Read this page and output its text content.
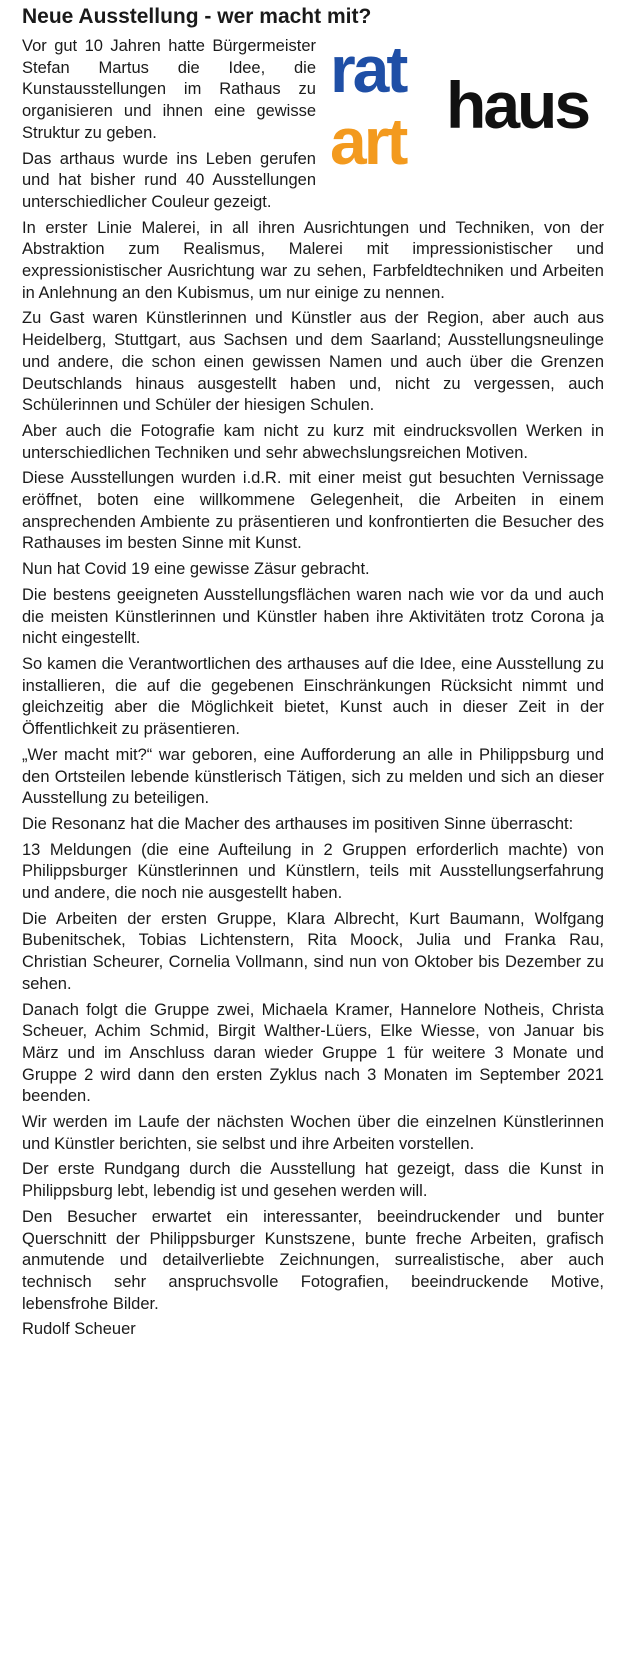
Neue Ausstellung - wer macht mit?
rat haus
art

Vor gut 10 Jahren hatte Bürgermeister Stefan Martus die Idee, die Kunstausstellungen im Rathaus zu organisieren und ihnen eine gewisse Struktur zu geben.

Das arthaus wurde ins Leben gerufen und hat bisher rund 40 Ausstellungen unterschiedlicher Couleur gezeigt.

In erster Linie Malerei, in all ihren Ausrichtungen und Techniken, von der Abstraktion zum Realismus, Malerei mit impressionistischer und expressionistischer Ausrichtung war zu sehen, Farbfeldtechniken und Arbeiten in Anlehnung an den Kubismus, um nur einige zu nennen.

Zu Gast waren Künstlerinnen und Künstler aus der Region, aber auch aus Heidelberg, Stuttgart, aus Sachsen und dem Saarland; Ausstellungsneulinge und andere, die schon einen gewissen Namen und auch über die Grenzen Deutschlands hinaus ausgestellt haben und, nicht zu vergessen, auch Schülerinnen und Schüler der hiesigen Schulen.

Aber auch die Fotografie kam nicht zu kurz mit eindrucksvollen Werken in unterschiedlichen Techniken und sehr abwechslungsreichen Motiven.

Diese Ausstellungen wurden i.d.R. mit einer meist gut besuchten Vernissage eröffnet, boten eine willkommene Gelegenheit, die Arbeiten in einem ansprechenden Ambiente zu präsentieren und konfrontierten die Besucher des Rathauses im besten Sinne mit Kunst.

Nun hat Covid 19 eine gewisse Zäsur gebracht.

Die bestens geeigneten Ausstellungsflächen waren nach wie vor da und auch die meisten Künstlerinnen und Künstler haben ihre Aktivitäten trotz Corona ja nicht eingestellt.

So kamen die Verantwortlichen des arthauses auf die Idee, eine Ausstellung zu installieren, die auf die gegebenen Einschränkungen Rücksicht nimmt und gleichzeitig aber die Möglichkeit bietet, Kunst auch in dieser Zeit in der Öffentlichkeit zu präsentieren.

„Wer macht mit?“ war geboren, eine Aufforderung an alle in Philippsburg und den Ortsteilen lebende künstlerisch Tätigen, sich zu melden und sich an dieser Ausstellung zu beteiligen.

Die Resonanz hat die Macher des arthauses im positiven Sinne überrascht:

13 Meldungen (die eine Aufteilung in 2 Gruppen erforderlich machte) von Philippsburger Künstlerinnen und Künstlern, teils mit Ausstellungserfahrung und andere, die noch nie ausgestellt haben.

Die Arbeiten der ersten Gruppe, Klara Albrecht, Kurt Baumann, Wolfgang Bubenitschek, Tobias Lichtenstern, Rita Moock, Julia und Franka Rau, Christian Scheurer, Cornelia Vollmann, sind nun von Oktober bis Dezember zu sehen.

Danach folgt die Gruppe zwei, Michaela Kramer, Hannelore Notheis, Christa Scheuer, Achim Schmid, Birgit Walther-Lüers, Elke Wiesse, von Januar bis März und im Anschluss daran wieder Gruppe 1 für weitere 3 Monate und Gruppe 2 wird dann den ersten Zyklus nach 3 Monaten im September 2021 beenden.

Wir werden im Laufe der nächsten Wochen über die einzelnen Künstlerinnen und Künstler berichten, sie selbst und ihre Arbeiten vorstellen.

Der erste Rundgang durch die Ausstellung hat gezeigt, dass die Kunst in Philippsburg lebt, lebendig ist und gesehen werden will.

Den Besucher erwartet ein interessanter, beeindruckender und bunter Querschnitt der Philippsburger Kunstszene, bunte freche Arbeiten, grafisch anmutende und detailverliebte Zeichnungen, surrealistische, aber auch technisch sehr anspruchsvolle Fotografien, beeindruckende Motive, lebensfrohe Bilder.

Rudolf Scheuer
